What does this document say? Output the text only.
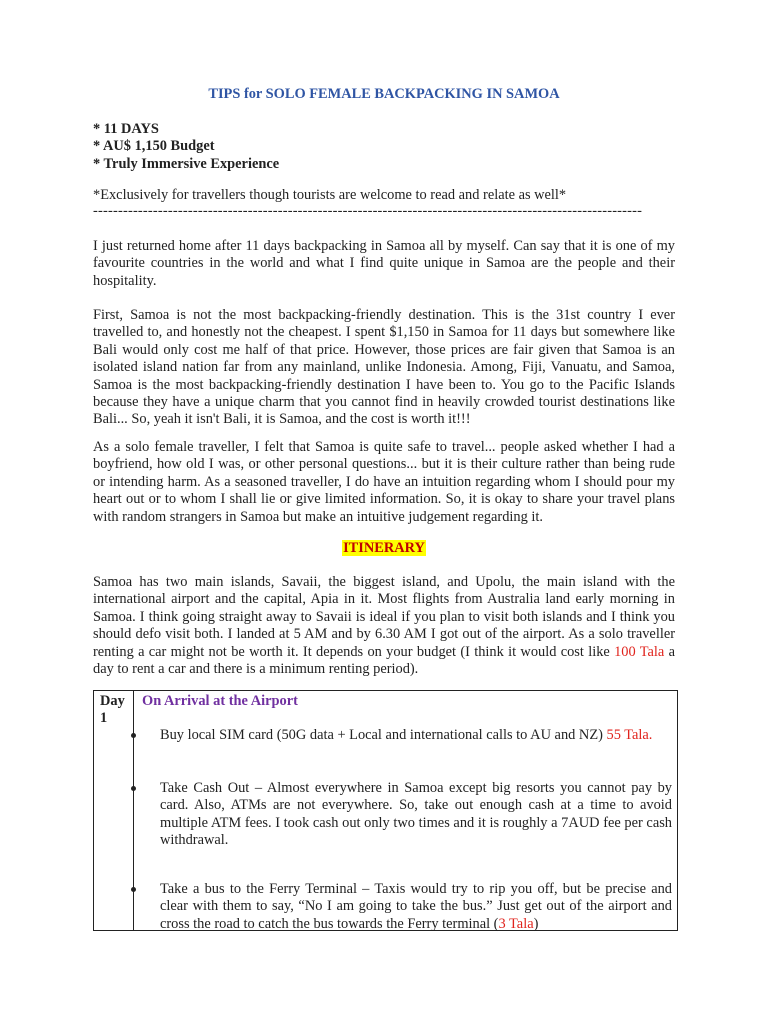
TIPS for SOLO FEMALE BACKPACKING IN SAMOA
* 11 DAYS
* AU$ 1,150 Budget
* Truly Immersive Experience
*Exclusively for travellers though tourists are welcome to read and relate as well*
--------------------------------------------------------------------------------------------------------------
I just returned home after 11 days backpacking in Samoa all by myself. Can say that it is one of my favourite countries in the world and what I find quite unique in Samoa are the people and their hospitality.
First, Samoa is not the most backpacking-friendly destination. This is the 31st country I ever travelled to, and honestly not the cheapest. I spent $1,150 in Samoa for 11 days but somewhere like Bali would only cost me half of that price. However, those prices are fair given that Samoa is an isolated island nation far from any mainland, unlike Indonesia. Among, Fiji, Vanuatu, and Samoa, Samoa is the most backpacking-friendly destination I have been to. You go to the Pacific Islands because they have a unique charm that you cannot find in heavily crowded tourist destinations like Bali... So, yeah it isn't Bali, it is Samoa, and the cost is worth it!!!
As a solo female traveller, I felt that Samoa is quite safe to travel... people asked whether I had a boyfriend, how old I was, or other personal questions... but it is their culture rather than being rude or intending harm. As a seasoned traveller, I do have an intuition regarding whom I should pour my heart out or to whom I shall lie or give limited information. So, it is okay to share your travel plans with random strangers in Samoa but make an intuitive judgement regarding it.
ITINERARY
Samoa has two main islands, Savaii, the biggest island, and Upolu, the main island with the international airport and the capital, Apia in it. Most flights from Australia land early morning in Samoa. I think going straight away to Savaii is ideal if you plan to visit both islands and I think you should defo visit both. I landed at 5 AM and by 6.30 AM I got out of the airport. As a solo traveller renting a car might not be worth it. It depends on your budget (I think it would cost like 100 Tala a day to rent a car and there is a minimum renting period).
Day 1
On Arrival at the Airport
Buy local SIM card (50G data + Local and international calls to AU and NZ) 55 Tala.
Take Cash Out – Almost everywhere in Samoa except big resorts you cannot pay by card. Also, ATMs are not everywhere. So, take out enough cash at a time to avoid multiple ATM fees. I took cash out only two times and it is roughly a 7AUD fee per cash withdrawal.
Take a bus to the Ferry Terminal – Taxis would try to rip you off, but be precise and clear with them to say, “No I am going to take the bus.” Just get out of the airport and cross the road to catch the bus towards the Ferry terminal (3 Tala)
